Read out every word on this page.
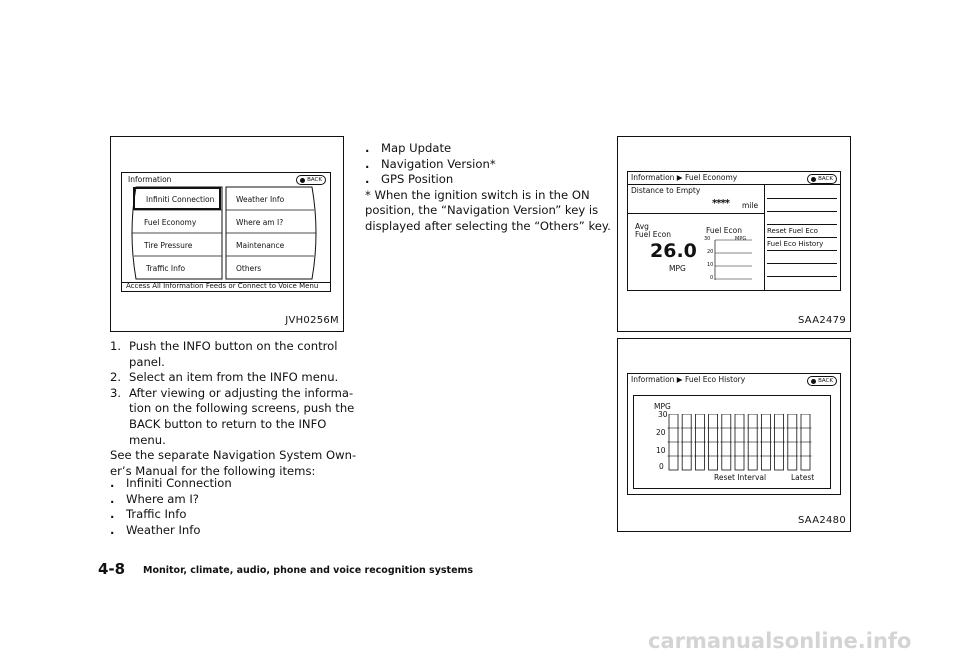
Information	BACK
Infiniti Connection
Fuel Economy
Tire Pressure
Traffic Info
Weather Info
Where am I?
Maintenance
Others
Access All Information Feeds or Connect to Voice Menu
JVH0256M
1. Push the INFO button on the control
panel.
2. Select an item from the INFO menu.
3. After viewing or adjusting the informa-
tion on the following screens, push the
BACK button to return to the INFO
menu.
See the separate Navigation System Own-
er’s Manual for the following items:
. Infiniti Connection
. Where am I?
. Traffic Info
. Weather Info
. Map Update
. Navigation Version*
. GPS Position
* When the ignition switch is in the ON
position, the “Navigation Version” key is
displayed after selecting the “Others” key.
Information ▶ Fuel Economy	BACK
Distance to Empty
**** mile
Avg
Fuel Econ
26.0
MPG
Fuel Econ
30
20
10
0
MPG
Reset Fuel Eco
Fuel Eco History
SAA2479
Information ▶ Fuel Eco History	BACK
MPG
30
20
10
0
Reset Interval	Latest
SAA2480
4-8 Monitor, climate, audio, phone and voice recognition systems
carmanualsonline.info
